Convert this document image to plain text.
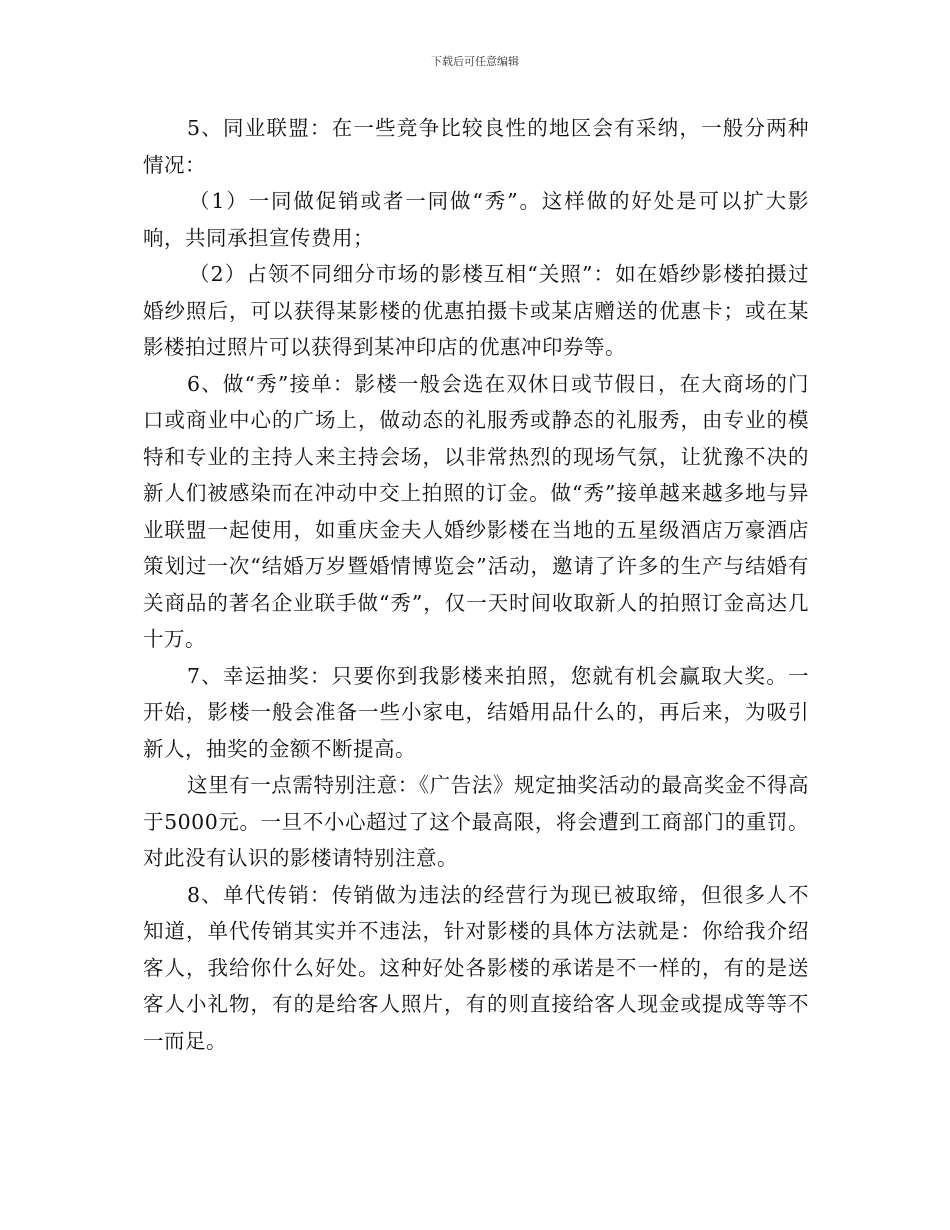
下载后可任意编辑

5、同业联盟：在一些竞争比较良性的地区会有采纳，一般分两种情况：

（1）一同做促销或者一同做“秀”。这样做的好处是可以扩大影响，共同承担宣传费用；

（2）占领不同细分市场的影楼互相“关照”：如在婚纱影楼拍摄过婚纱照后，可以获得某影楼的优惠拍摄卡或某店赠送的优惠卡；或在某影楼拍过照片可以获得到某冲印店的优惠冲印券等。

6、做“秀”接单：影楼一般会选在双休日或节假日，在大商场的门口或商业中心的广场上，做动态的礼服秀或静态的礼服秀，由专业的模特和专业的主持人来主持会场，以非常热烈的现场气氛，让犹豫不决的新人们被感染而在冲动中交上拍照的订金。做“秀”接单越来越多地与异业联盟一起使用，如重庆金夫人婚纱影楼在当地的五星级酒店万豪酒店策划过一次“结婚万岁暨婚情博览会”活动，邀请了许多的生产与结婚有关商品的著名企业联手做“秀”，仅一天时间收取新人的拍照订金高达几十万。

7、幸运抽奖：只要你到我影楼来拍照，您就有机会赢取大奖。一开始，影楼一般会准备一些小家电，结婚用品什么的，再后来，为吸引新人，抽奖的金额不断提高。

这里有一点需特别注意：《广告法》规定抽奖活动的最高奖金不得高于5000元。一旦不小心超过了这个最高限，将会遭到工商部门的重罚。对此没有认识的影楼请特别注意。

8、单代传销：传销做为违法的经营行为现已被取缔，但很多人不知道，单代传销其实并不违法，针对影楼的具体方法就是：你给我介绍客人，我给你什么好处。这种好处各影楼的承诺是不一样的，有的是送客人小礼物，有的是给客人照片，有的则直接给客人现金或提成等等不一而足。
